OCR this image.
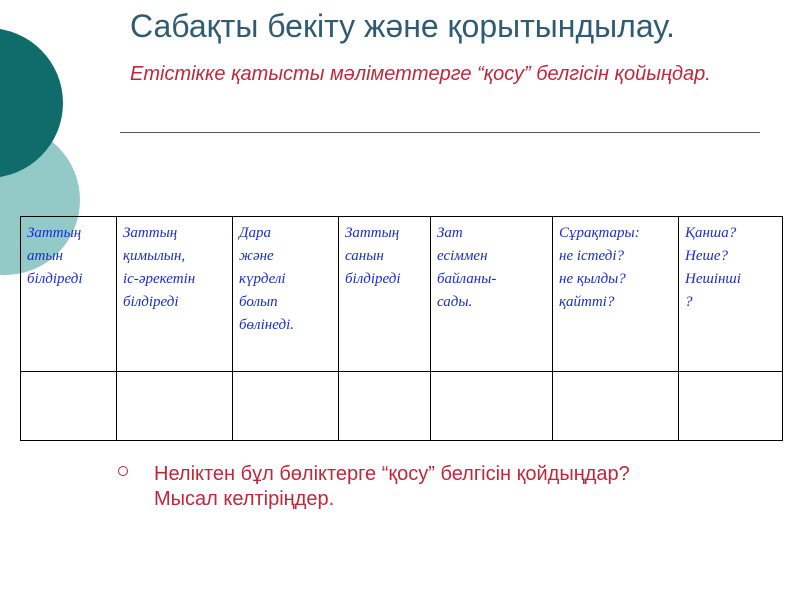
Сабақты бекіту және қорытындылау.

Етістікке қатысты мәліметтерге “қосу” белгісін қойыңдар.

Заттың
атын
білдіреді	Заттың
қимылын,
іс-әрекетін
білдіреді	Дара
және
күрделі
болып
бөлінеді.	Заттың
санын
білдіреді	Зат
есіммен
байланы-
сады.	Сұрақтары:
не істеді?
не қылды?
қайтті?	Қанша?
Неше?
Нешінші
?

Неліктен бұл бөліктерге “қосу” белгісін қойдыңдар? Мысал келтіріңдер.
